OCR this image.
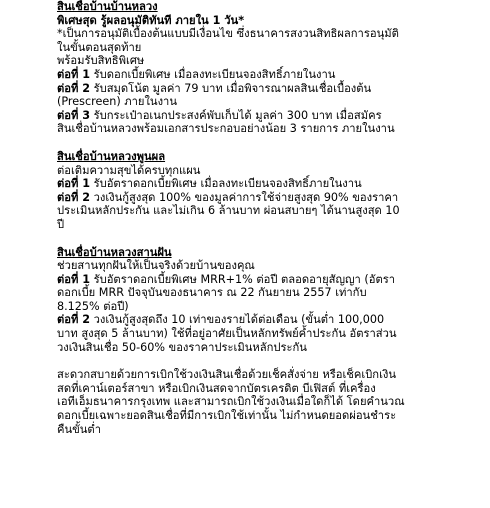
สินเชื่อบ้านบ้านหลวง
พิเศษสุด รู้ผลอนุมัติทันที ภายใน 1 วัน*
*เป็นการอนุมัติเบื้องต้นแบบมีเงื่อนไข ซึ่งธนาคารสงวนสิทธิผลการอนุมัติ
ในขั้นตอนสุดท้าย
พร้อมรับสิทธิพิเศษ
ต่อที่ 1 รับดอกเบี้ยพิเศษ เมื่อลงทะเบียนจองสิทธิ์ภายในงาน
ต่อที่ 2 รับสมุดโน้ต มูลค่า 79 บาท เมื่อพิจารณาผลสินเชื่อเบื้องต้น
(Prescreen) ภายในงาน
ต่อที่ 3 รับกระเป๋าอเนกประสงค์พับเก็บได้ มูลค่า 300 บาท เมื่อสมัคร
สินเชื่อบ้านหลวงพร้อมเอกสารประกอบอย่างน้อย 3 รายการ ภายในงาน
สินเชื่อบ้านหลวงพูนผล
ต่อเติมความสุขได้ครบทุกแผน
ต่อที่ 1 รับอัตราดอกเบี้ยพิเศษ เมื่อลงทะเบียนจองสิทธิ์ภายในงาน
ต่อที่ 2 วงเงินกู้สูงสุด 100% ของมูลค่าการใช้จ่ายสูงสุด 90% ของราคา
ประเมินหลักประกัน และไม่เกิน 6 ล้านบาท ผ่อนสบายๆ ได้นานสูงสุด 10
ปี
สินเชื่อบ้านหลวงสานฝัน
ช่วยสานทุกฝันให้เป็นจริงด้วยบ้านของคุณ
ต่อที่ 1 รับอัตราดอกเบี้ยพิเศษ MRR+1% ต่อปี ตลอดอายุสัญญา (อัตรา
ดอกเบี้ย MRR ปัจจุบันของธนาคาร ณ 22 กันยายน 2557 เท่ากับ
8.125% ต่อปี)
ต่อที่ 2 วงเงินกู้สูงสุดถึง 10 เท่าของรายได้ต่อเดือน (ขั้นต่ำ 100,000
บาท สูงสุด 5 ล้านบาท) ใช้ที่อยู่อาศัยเป็นหลักทรัพย์ค้ำประกัน อัตราส่วน
วงเงินสินเชื่อ 50-60% ของราคาประเมินหลักประกัน
สะดวกสบายด้วยการเบิกใช้วงเงินสินเชื่อด้วยเช็คสั่งจ่าย หรือเช็คเบิกเงิน
สดที่เคาน์เตอร์สาขา หรือเบิกเงินสดจากบัตรเครดิต บีเฟิสต์ ที่เครื่อง
เอทีเอ็มธนาคารกรุงเทพ และสามารถเบิกใช้วงเงินเมื่อใดก็ได้ โดยคำนวณ
ดอกเบี้ยเฉพาะยอดสินเชื่อที่มีการเบิกใช้เท่านั้น ไม่กำหนดยอดผ่อนชำระ
คืนขั้นต่ำ
